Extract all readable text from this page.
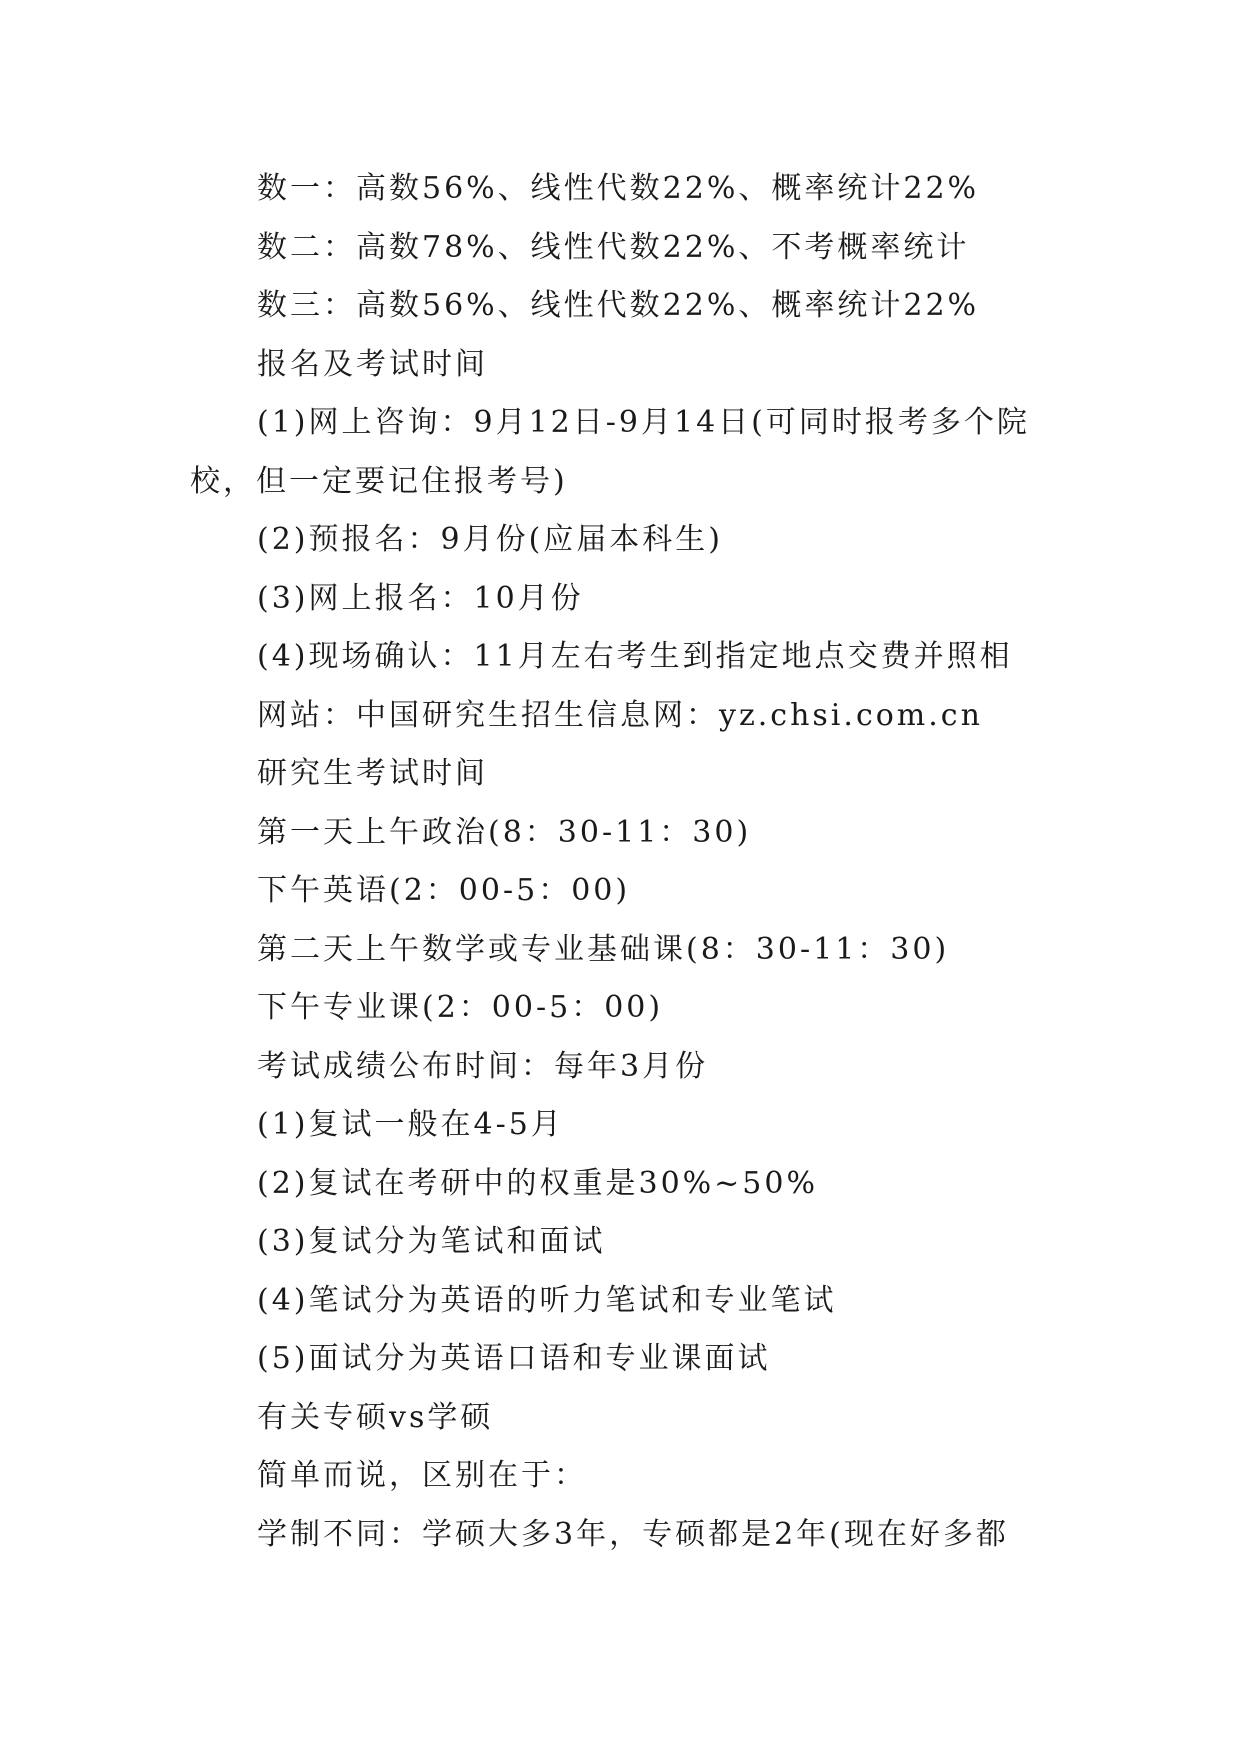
数一：高数56%、线性代数22%、概率统计22%

数二：高数78%、线性代数22%、不考概率统计

数三：高数56%、线性代数22%、概率统计22%

报名及考试时间

(1)网上咨询：9月12日-9月14日(可同时报考多个院校，但一定要记住报考号)

(2)预报名：9月份(应届本科生)

(3)网上报名：10月份

(4)现场确认：11月左右考生到指定地点交费并照相

网站：中国研究生招生信息网：yz.chsi.com.cn

研究生考试时间

第一天上午政治(8：30-11：30)

下午英语(2：00-5：00)

第二天上午数学或专业基础课(8：30-11：30)

下午专业课(2：00-5：00)

考试成绩公布时间：每年3月份

(1)复试一般在4-5月

(2)复试在考研中的权重是30%~50%

(3)复试分为笔试和面试

(4)笔试分为英语的听力笔试和专业笔试

(5)面试分为英语口语和专业课面试

有关专硕vs学硕

简单而说，区别在于：

学制不同：学硕大多3年，专硕都是2年(现在好多都
